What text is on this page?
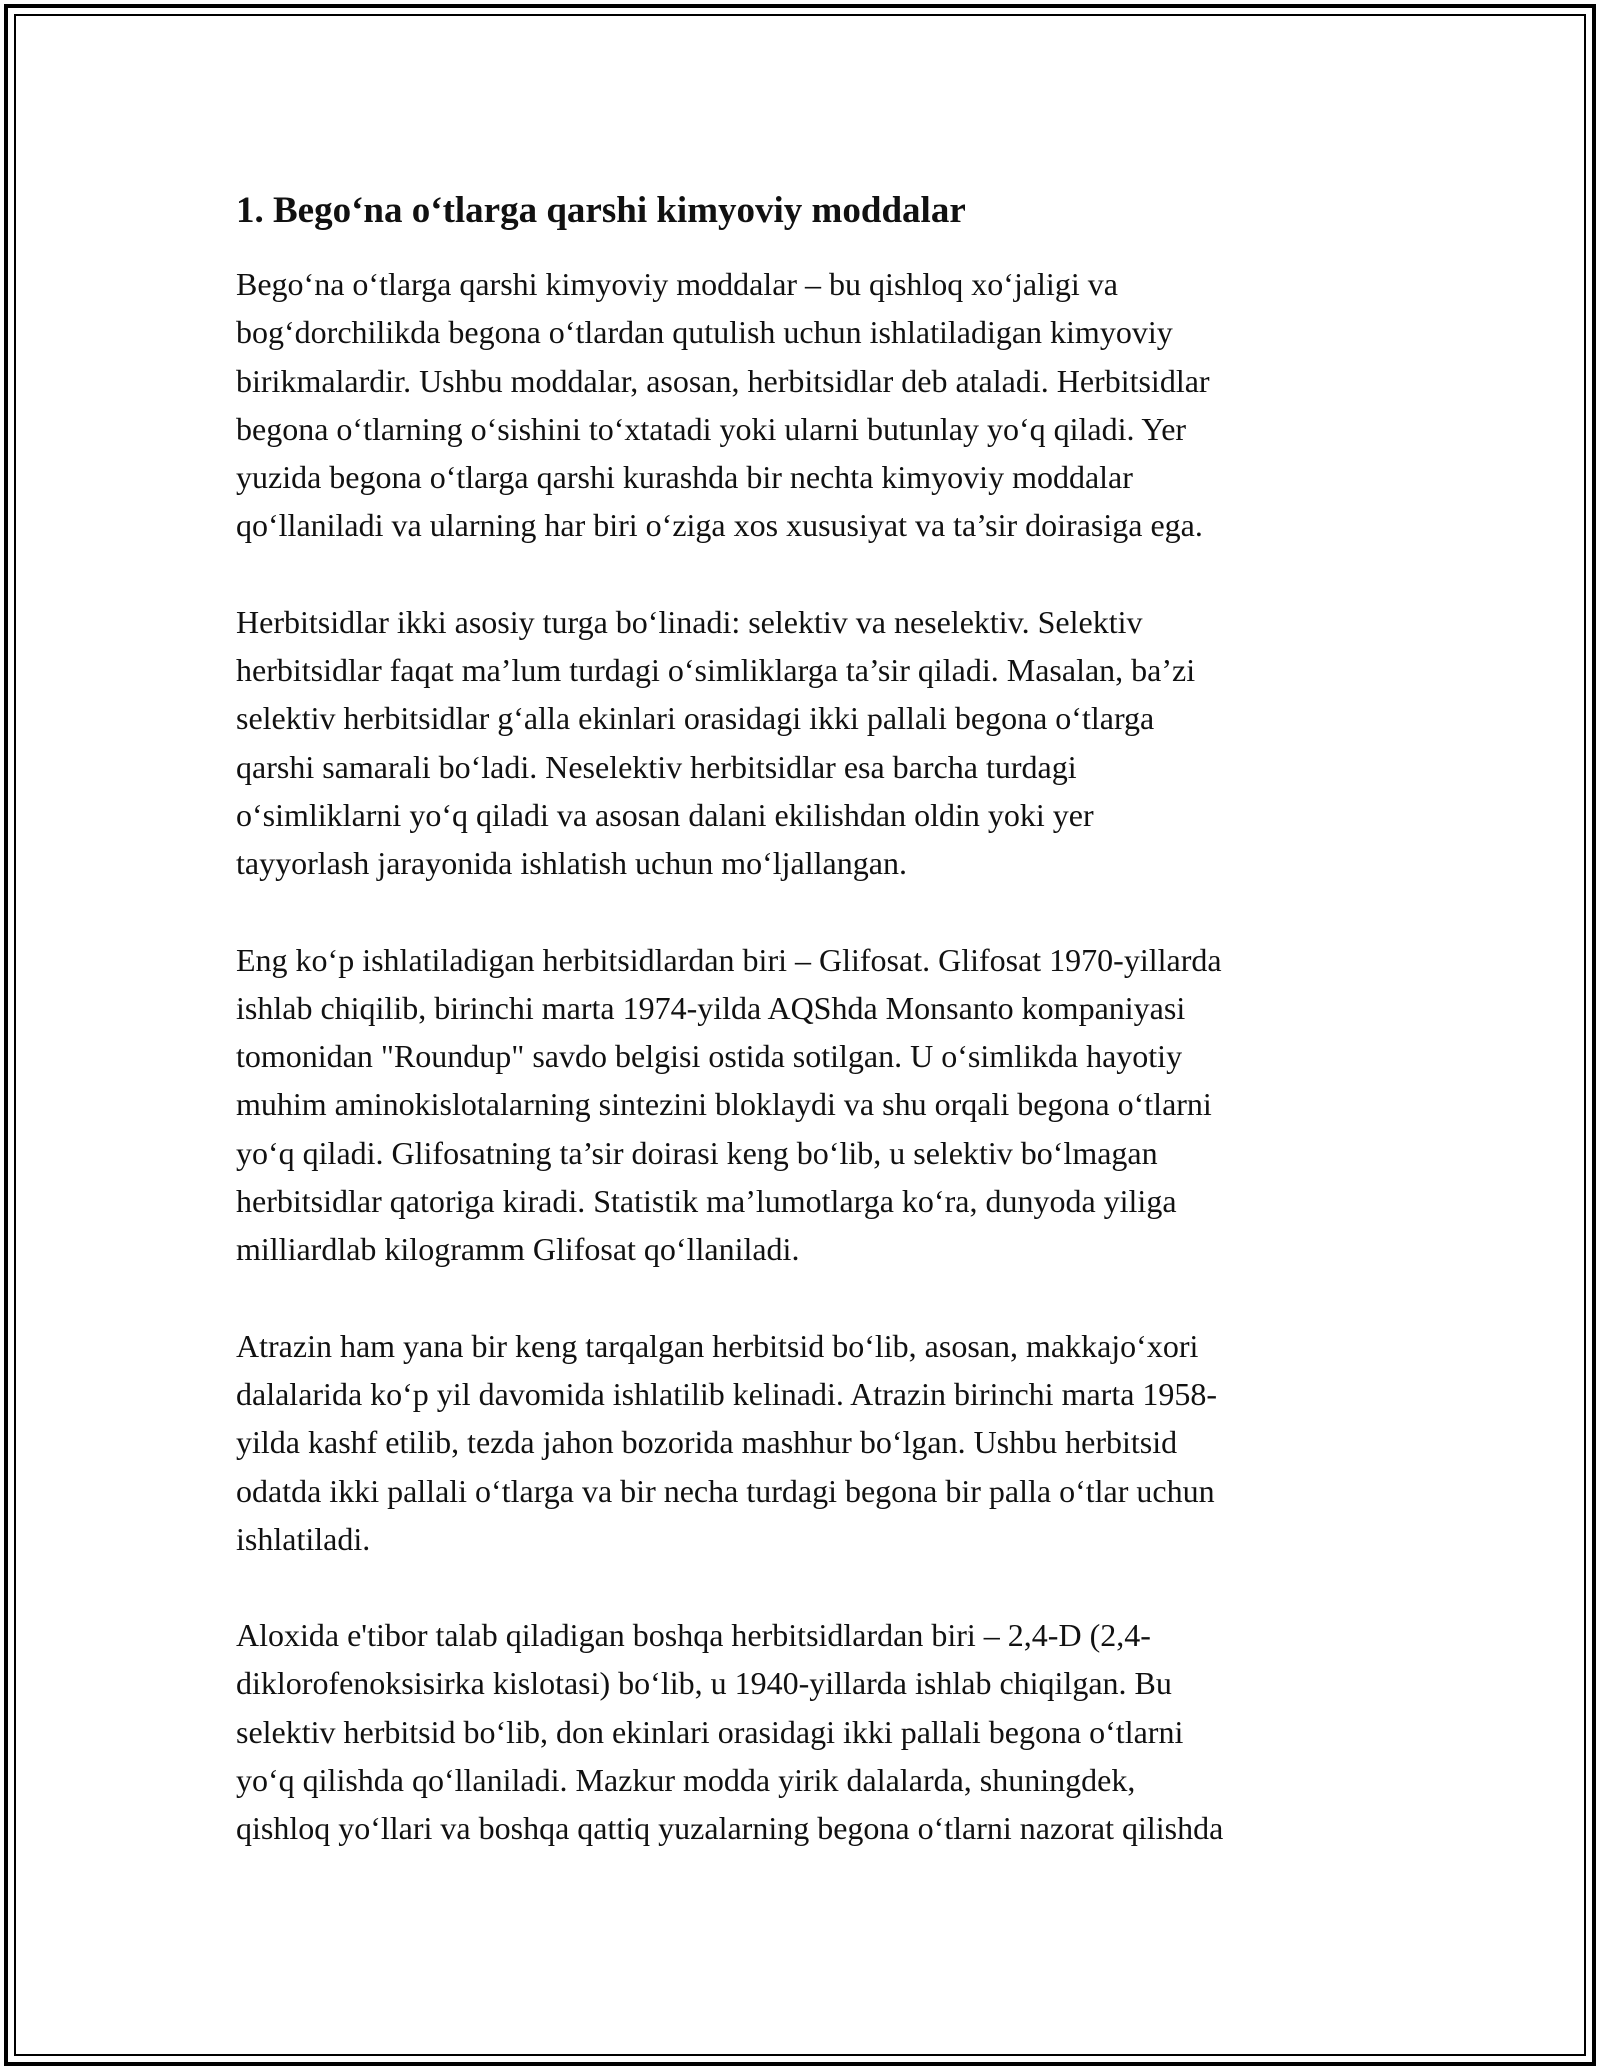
1. Bego‘na o‘tlarga qarshi kimyoviy moddalar

Bego‘na o‘tlarga qarshi kimyoviy moddalar – bu qishloq xo‘jaligi va
bog‘dorchilikda begona o‘tlardan qutulish uchun ishlatiladigan kimyoviy
birikmalardir. Ushbu moddalar, asosan, herbitsidlar deb ataladi. Herbitsidlar
begona o‘tlarning o‘sishini to‘xtatadi yoki ularni butunlay yo‘q qiladi. Yer
yuzida begona o‘tlarga qarshi kurashda bir nechta kimyoviy moddalar
qo‘llaniladi va ularning har biri o‘ziga xos xususiyat va ta’sir doirasiga ega.

Herbitsidlar ikki asosiy turga bo‘linadi: selektiv va neselektiv. Selektiv
herbitsidlar faqat ma’lum turdagi o‘simliklarga ta’sir qiladi. Masalan, ba’zi
selektiv herbitsidlar g‘alla ekinlari orasidagi ikki pallali begona o‘tlarga
qarshi samarali bo‘ladi. Neselektiv herbitsidlar esa barcha turdagi
o‘simliklarni yo‘q qiladi va asosan dalani ekilishdan oldin yoki yer
tayyorlash jarayonida ishlatish uchun mo‘ljallangan.

Eng ko‘p ishlatiladigan herbitsidlardan biri – Glifosat. Glifosat 1970-yillarda
ishlab chiqilib, birinchi marta 1974-yilda AQShda Monsanto kompaniyasi
tomonidan "Roundup" savdo belgisi ostida sotilgan. U o‘simlikda hayotiy
muhim aminokislotalarning sintezini bloklaydi va shu orqali begona o‘tlarni
yo‘q qiladi. Glifosatning ta’sir doirasi keng bo‘lib, u selektiv bo‘lmagan
herbitsidlar qatoriga kiradi. Statistik ma’lumotlarga ko‘ra, dunyoda yiliga
milliardlab kilogramm Glifosat qo‘llaniladi.

Atrazin ham yana bir keng tarqalgan herbitsid bo‘lib, asosan, makkajo‘xori
dalalarida ko‘p yil davomida ishlatilib kelinadi. Atrazin birinchi marta 1958-
yilda kashf etilib, tezda jahon bozorida mashhur bo‘lgan. Ushbu herbitsid
odatda ikki pallali o‘tlarga va bir necha turdagi begona bir palla o‘tlar uchun
ishlatiladi.

Aloxida e'tibor talab qiladigan boshqa herbitsidlardan biri – 2,4-D (2,4-
diklorofenoksisirka kislotasi) bo‘lib, u 1940-yillarda ishlab chiqilgan. Bu
selektiv herbitsid bo‘lib, don ekinlari orasidagi ikki pallali begona o‘tlarni
yo‘q qilishda qo‘llaniladi. Mazkur modda yirik dalalarda, shuningdek,
qishloq yo‘llari va boshqa qattiq yuzalarning begona o‘tlarni nazorat qilishda
